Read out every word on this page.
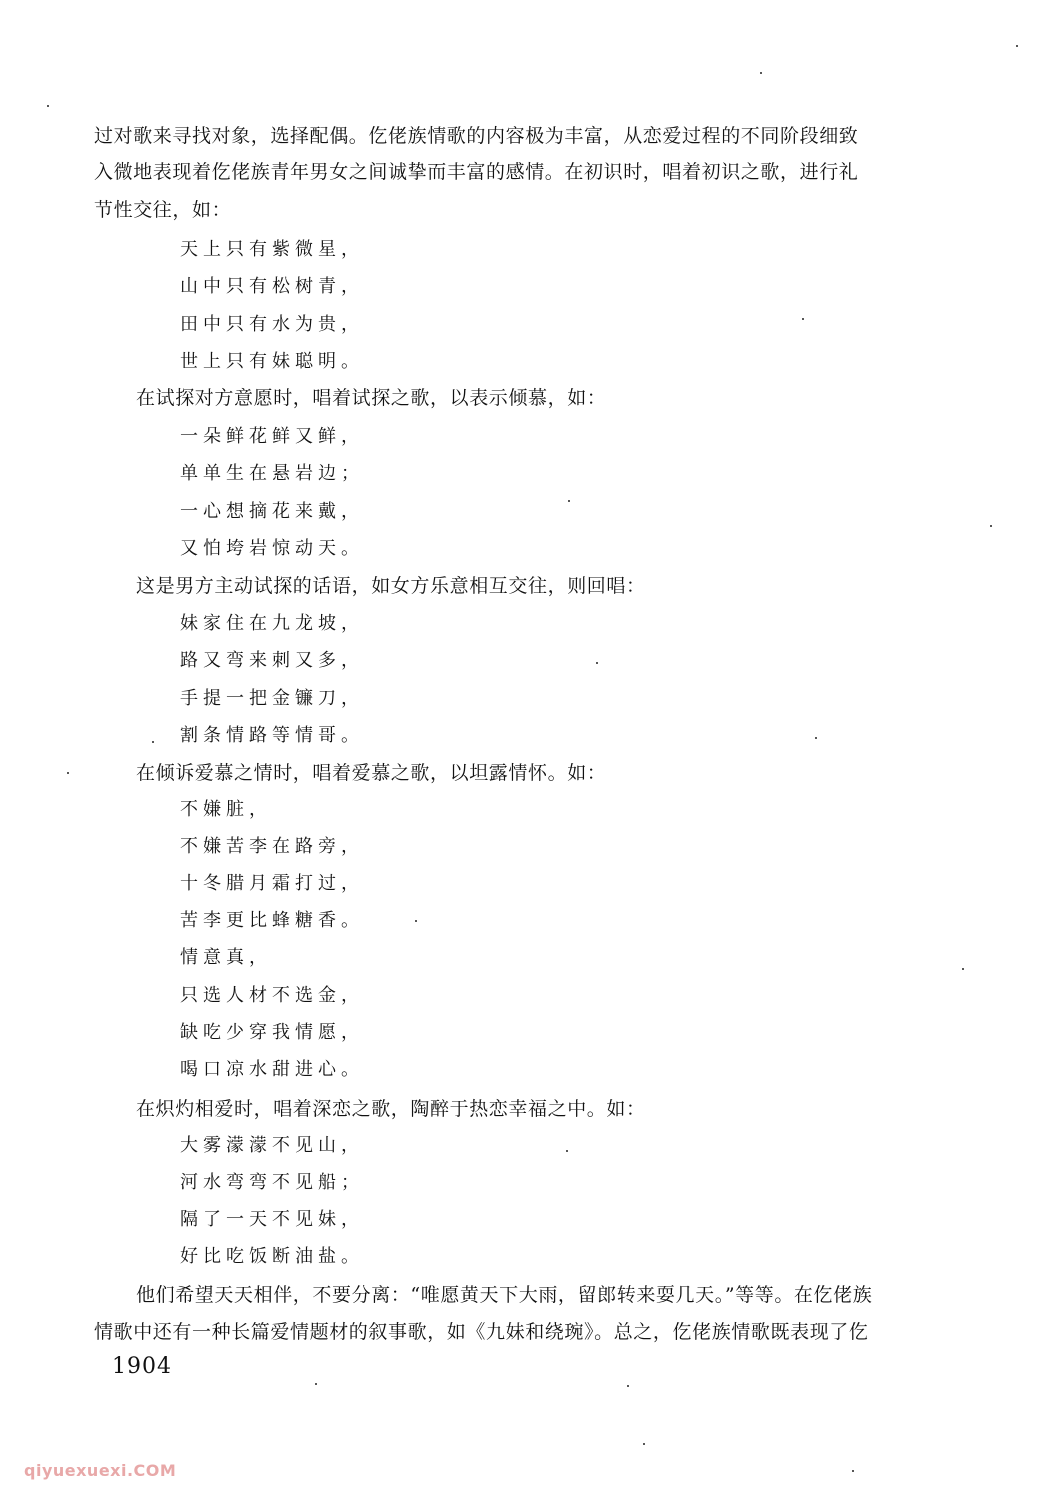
过对歌来寻找对象，选择配偶。仡佬族情歌的内容极为丰富，从恋爱过程的不同阶段细致
入微地表现着仡佬族青年男女之间诚挚而丰富的感情。在初识时，唱着初识之歌，进行礼
节性交往，如：
天上只有紫微星，
山中只有松树青，
田中只有水为贵，
世上只有妹聪明。
在试探对方意愿时，唱着试探之歌，以表示倾慕，如：
一朵鲜花鲜又鲜，
单单生在悬岩边；
一心想摘花来戴，
又怕垮岩惊动天。
这是男方主动试探的话语，如女方乐意相互交往，则回唱：
妹家住在九龙坡，
路又弯来刺又多，
手提一把金镰刀，
割条情路等情哥。
在倾诉爱慕之情时，唱着爱慕之歌，以坦露情怀。如：
不嫌脏，
不嫌苦李在路旁，
十冬腊月霜打过，
苦李更比蜂糖香。
情意真，
只选人材不选金，
缺吃少穿我情愿，
喝口凉水甜进心。
在炽灼相爱时，唱着深恋之歌，陶醉于热恋幸福之中。如：
大雾濛濛不见山，
河水弯弯不见船；
隔了一天不见妹，
好比吃饭断油盐。
他们希望天天相伴，不要分离：“唯愿黄天下大雨，留郎转来耍几天。”等等。在仡佬族
情歌中还有一种长篇爱情题材的叙事歌，如《九妹和绕琬》。总之，仡佬族情歌既表现了仡
1904
qiyuexuexi.COM
